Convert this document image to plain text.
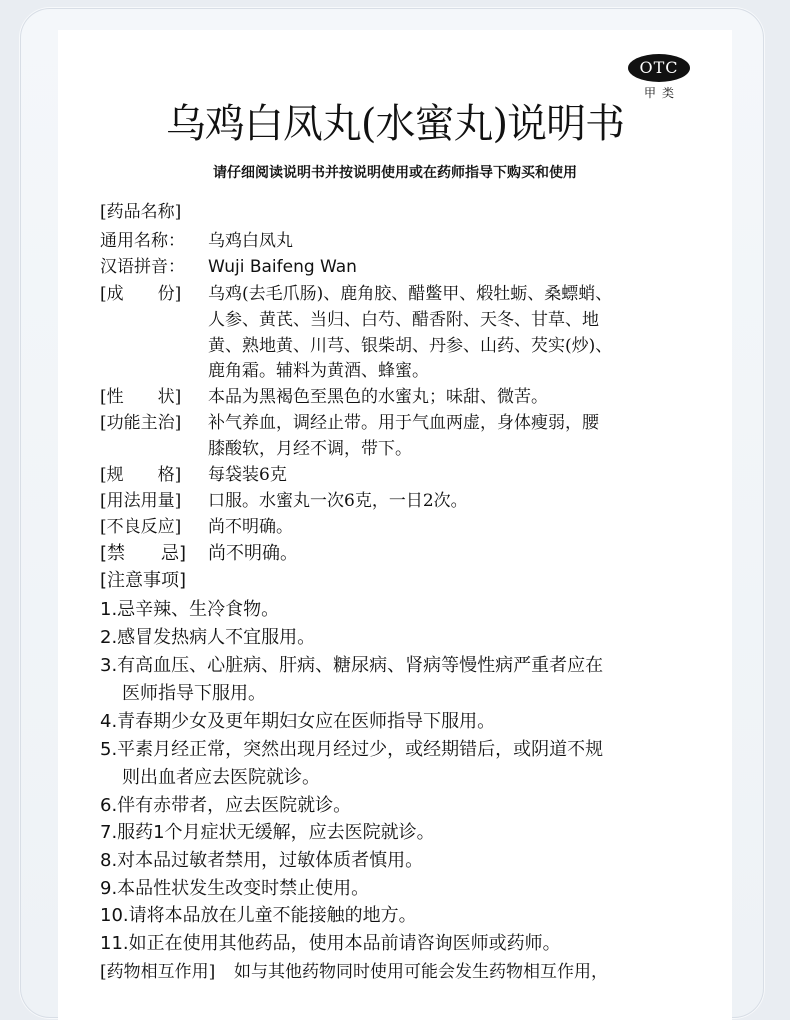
OTC
甲类
乌鸡白凤丸(水蜜丸)说明书
请仔细阅读说明书并按说明使用或在药师指导下购买和使用
[药品名称]
通用名称： 乌鸡白凤丸
汉语拼音： Wuji Baifeng Wan
[成　　份] 乌鸡(去毛爪肠)、鹿角胶、醋鳖甲、煅牡蛎、桑螵蛸、
人参、黄芪、当归、白芍、醋香附、天冬、甘草、地
黄、熟地黄、川芎、银柴胡、丹参、山药、芡实(炒)、
鹿角霜。辅料为黄酒、蜂蜜。
[性　　状] 本品为黑褐色至黑色的水蜜丸；味甜、微苦。
[功能主治] 补气养血，调经止带。用于气血两虚，身体瘦弱，腰
膝酸软，月经不调，带下。
[规　　格] 每袋装6克
[用法用量] 口服。水蜜丸一次6克，一日2次。
[不良反应] 尚不明确。
[禁　　忌] 尚不明确。
[注意事项]
1.忌辛辣、生冷食物。
2.感冒发热病人不宜服用。
3.有高血压、心脏病、肝病、糖尿病、肾病等慢性病严重者应在
医师指导下服用。
4.青春期少女及更年期妇女应在医师指导下服用。
5.平素月经正常，突然出现月经过少，或经期错后，或阴道不规
则出血者应去医院就诊。
6.伴有赤带者，应去医院就诊。
7.服药1个月症状无缓解，应去医院就诊。
8.对本品过敏者禁用，过敏体质者慎用。
9.本品性状发生改变时禁止使用。
10.请将本品放在儿童不能接触的地方。
11.如正在使用其他药品，使用本品前请咨询医师或药师。
[药物相互作用] 如与其他药物同时使用可能会发生药物相互作用，
